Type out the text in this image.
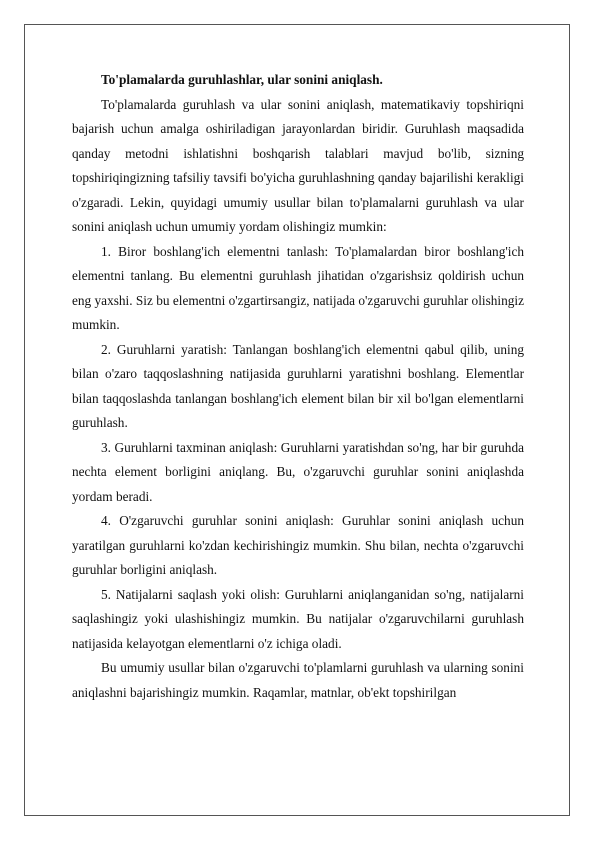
To'plamalarda guruhlashlar, ular sonini aniqlash.

To'plamalarda guruhlash va ular sonini aniqlash, matematikaviy topshiriqni bajarish uchun amalga oshiriladigan jarayonlardan biridir. Guruhlash maqsadida qanday metodni ishlatishni boshqarish talablari mavjud bo'lib, sizning topshiriqingizning tafsiliy tavsifi bo'yicha guruhlashning qanday bajarilishi kerakligi o'zgaradi. Lekin, quyidagi umumiy usullar bilan to'plamalarni guruhlash va ular sonini aniqlash uchun umumiy yordam olishingiz mumkin:

1. Biror boshlang'ich elementni tanlash: To'plamalardan biror boshlang'ich elementni tanlang. Bu elementni guruhlash jihatidan o'zgarishsiz qoldirish uchun eng yaxshi. Siz bu elementni o'zgartirsangiz, natijada o'zgaruvchi guruhlar olishingiz mumkin.

2. Guruhlarni yaratish: Tanlangan boshlang'ich elementni qabul qilib, uning bilan o'zaro taqqoslashning natijasida guruhlarni yaratishni boshlang. Elementlar bilan taqqoslashda tanlangan boshlang'ich element bilan bir xil bo'lgan elementlarni guruhlash.

3. Guruhlarni taxminan aniqlash: Guruhlarni yaratishdan so'ng, har bir guruhda nechta element borligini aniqlang. Bu, o'zgaruvchi guruhlar sonini aniqlashda yordam beradi.

4. O'zgaruvchi guruhlar sonini aniqlash: Guruhlar sonini aniqlash uchun yaratilgan guruhlarni ko'zdan kechirishingiz mumkin. Shu bilan, nechta o'zgaruvchi guruhlar borligini aniqlash.

5. Natijalarni saqlash yoki olish: Guruhlarni aniqlanganidan so'ng, natijalarni saqlashingiz yoki ulashishingiz mumkin. Bu natijalar o'zgaruvchilarni guruhlash natijasida kelayotgan elementlarni o'z ichiga oladi.

Bu umumiy usullar bilan o'zgaruvchi to'plamlarni guruhlash va ularning sonini aniqlashni bajarishingiz mumkin. Raqamlar, matnlar, ob'ekt topshirilgan
